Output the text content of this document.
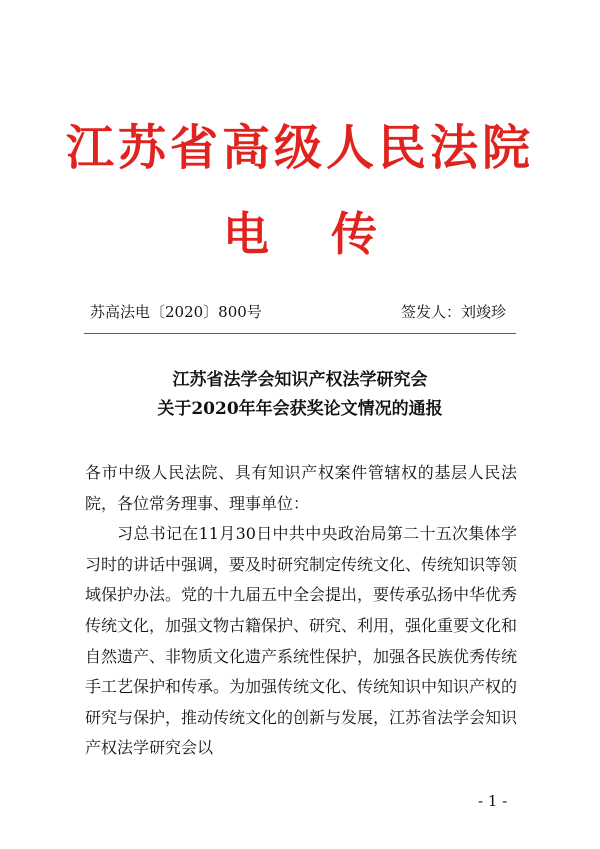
江苏省高级人民法院
电传
苏高法电〔2020〕800号	签发人：刘竣珍
江苏省法学会知识产权法学研究会
关于2020年年会获奖论文情况的通报

各市中级人民法院、具有知识产权案件管辖权的基层人民法院，各位常务理事、理事单位：

习总书记在11月30日中共中央政治局第二十五次集体学习时的讲话中强调，要及时研究制定传统文化、传统知识等领域保护办法。党的十九届五中全会提出，要传承弘扬中华优秀传统文化，加强文物古籍保护、研究、利用，强化重要文化和自然遗产、非物质文化遗产系统性保护，加强各民族优秀传统手工艺保护和传承。为加强传统文化、传统知识中知识产权的研究与保护，推动传统文化的创新与发展，江苏省法学会知识产权法学研究会以

- 1 -
